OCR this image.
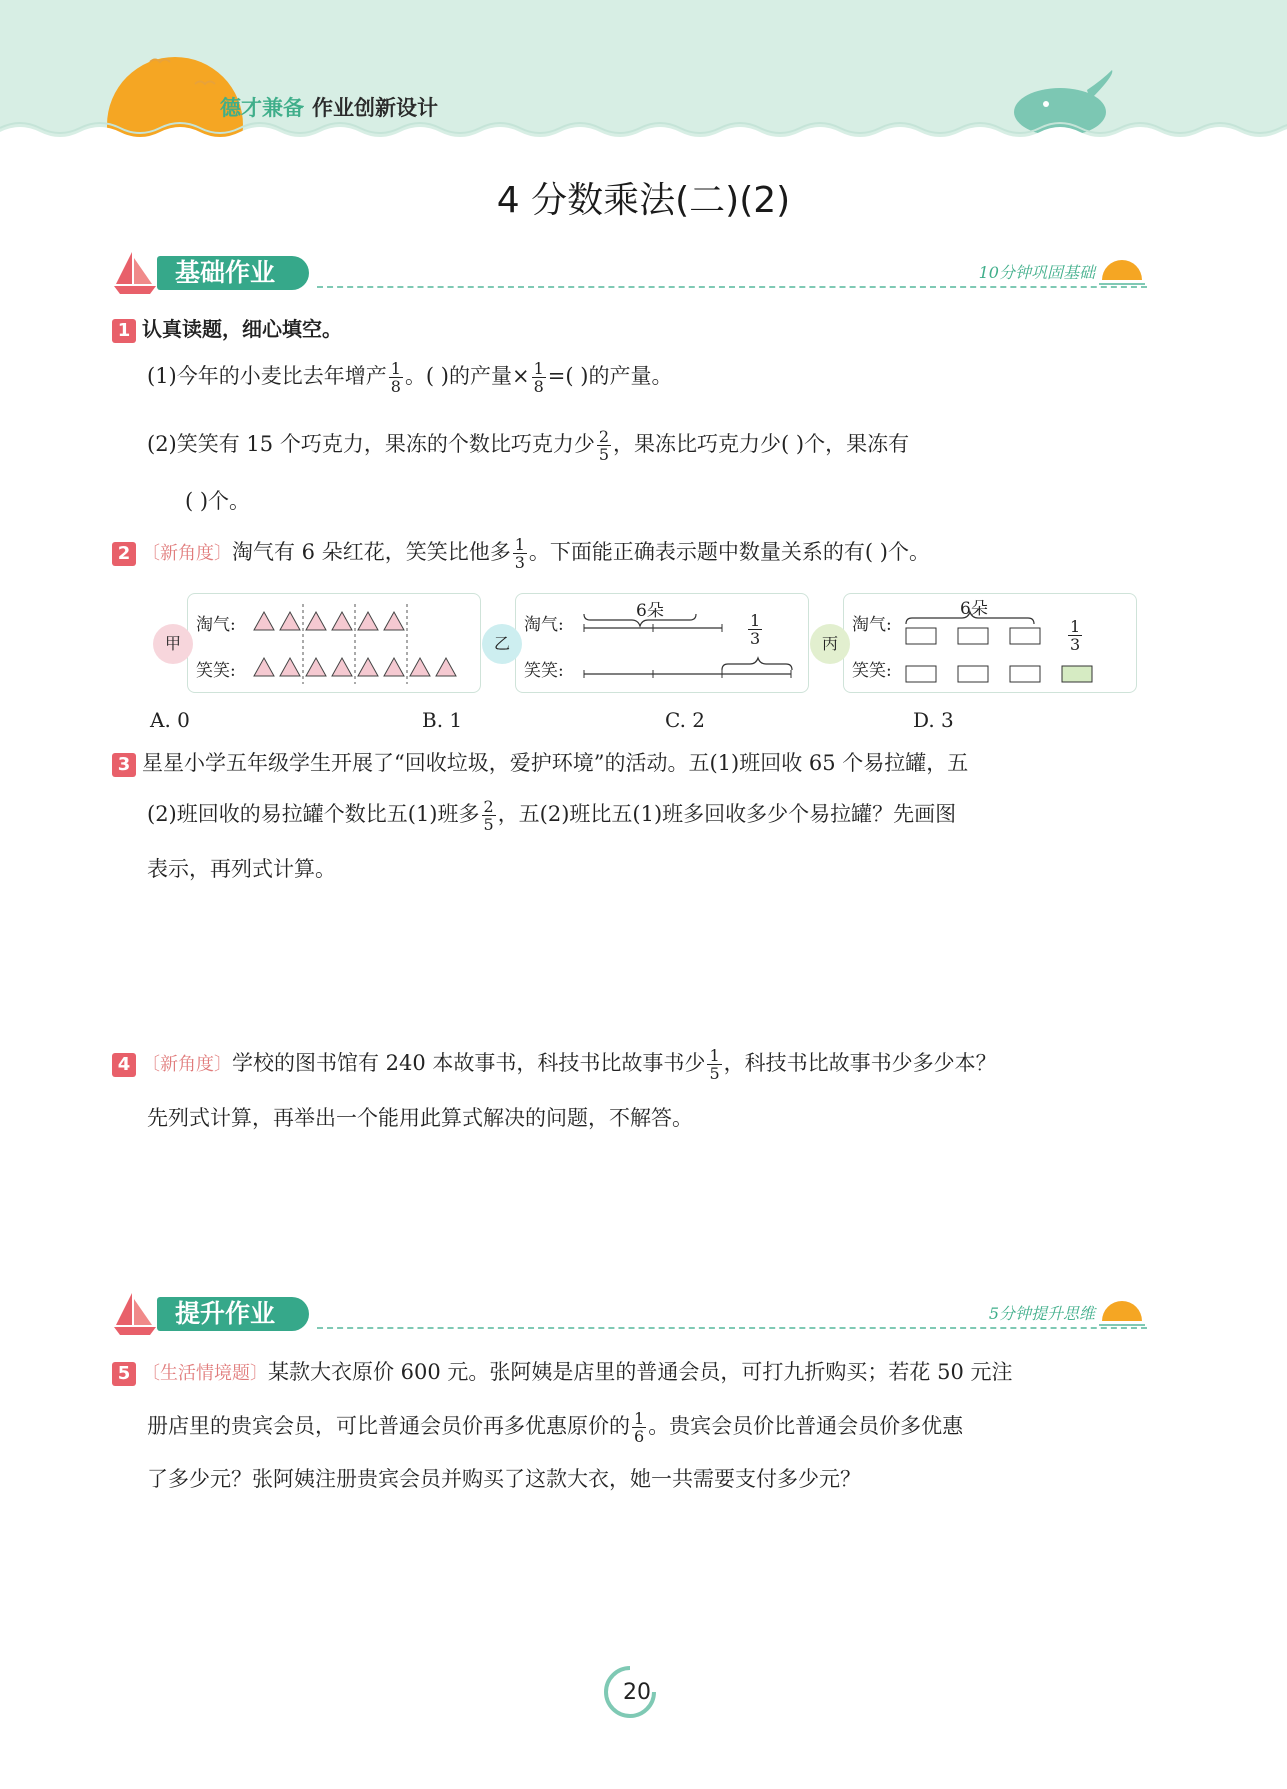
德才兼备 作业创新设计
4 分数乘法(二)(2)
基础作业	10分钟巩固基础
1 认真读题，细心填空。
(1)今年的小麦比去年增产 $\frac{1}{8}$ 。( )的产量× $\frac{1}{8}$ =( )的产量。
(2)笑笑有 15 个巧克力，果冻的个数比巧克力少 $\frac{2}{5}$ ，果冻比巧克力少( )个，果冻有
( )个。
2 〔新角度〕淘气有 6 朵红花，笑笑比他多 $\frac{1}{3}$ 。下面能正确表示题中数量关系的有( )个。
淘气:
笑笑:
甲
淘气:
笑笑:
6朵
$\frac{1}{3}$
乙
淘气:
笑笑:
6朵
$\frac{1}{3}$
丙
A. 0	B. 1	C. 2	D. 3
3 星星小学五年级学生开展了“回收垃圾，爱护环境”的活动。五(1)班回收 65 个易拉罐，五
(2)班回收的易拉罐个数比五(1)班多 $\frac{2}{5}$ ，五(2)班比五(1)班多回收多少个易拉罐？先画图
表示，再列式计算。
4 〔新角度〕学校的图书馆有 240 本故事书，科技书比故事书少 $\frac{1}{5}$ ，科技书比故事书少多少本？
先列式计算，再举出一个能用此算式解决的问题，不解答。
提升作业	5分钟提升思维
5 〔生活情境题〕某款大衣原价 600 元。张阿姨是店里的普通会员，可打九折购买；若花 50 元注
册店里的贵宾会员，可比普通会员价再多优惠原价的 $\frac{1}{6}$ 。贵宾会员价比普通会员价多优惠
了多少元？张阿姨注册贵宾会员并购买了这款大衣，她一共需要支付多少元？
20
